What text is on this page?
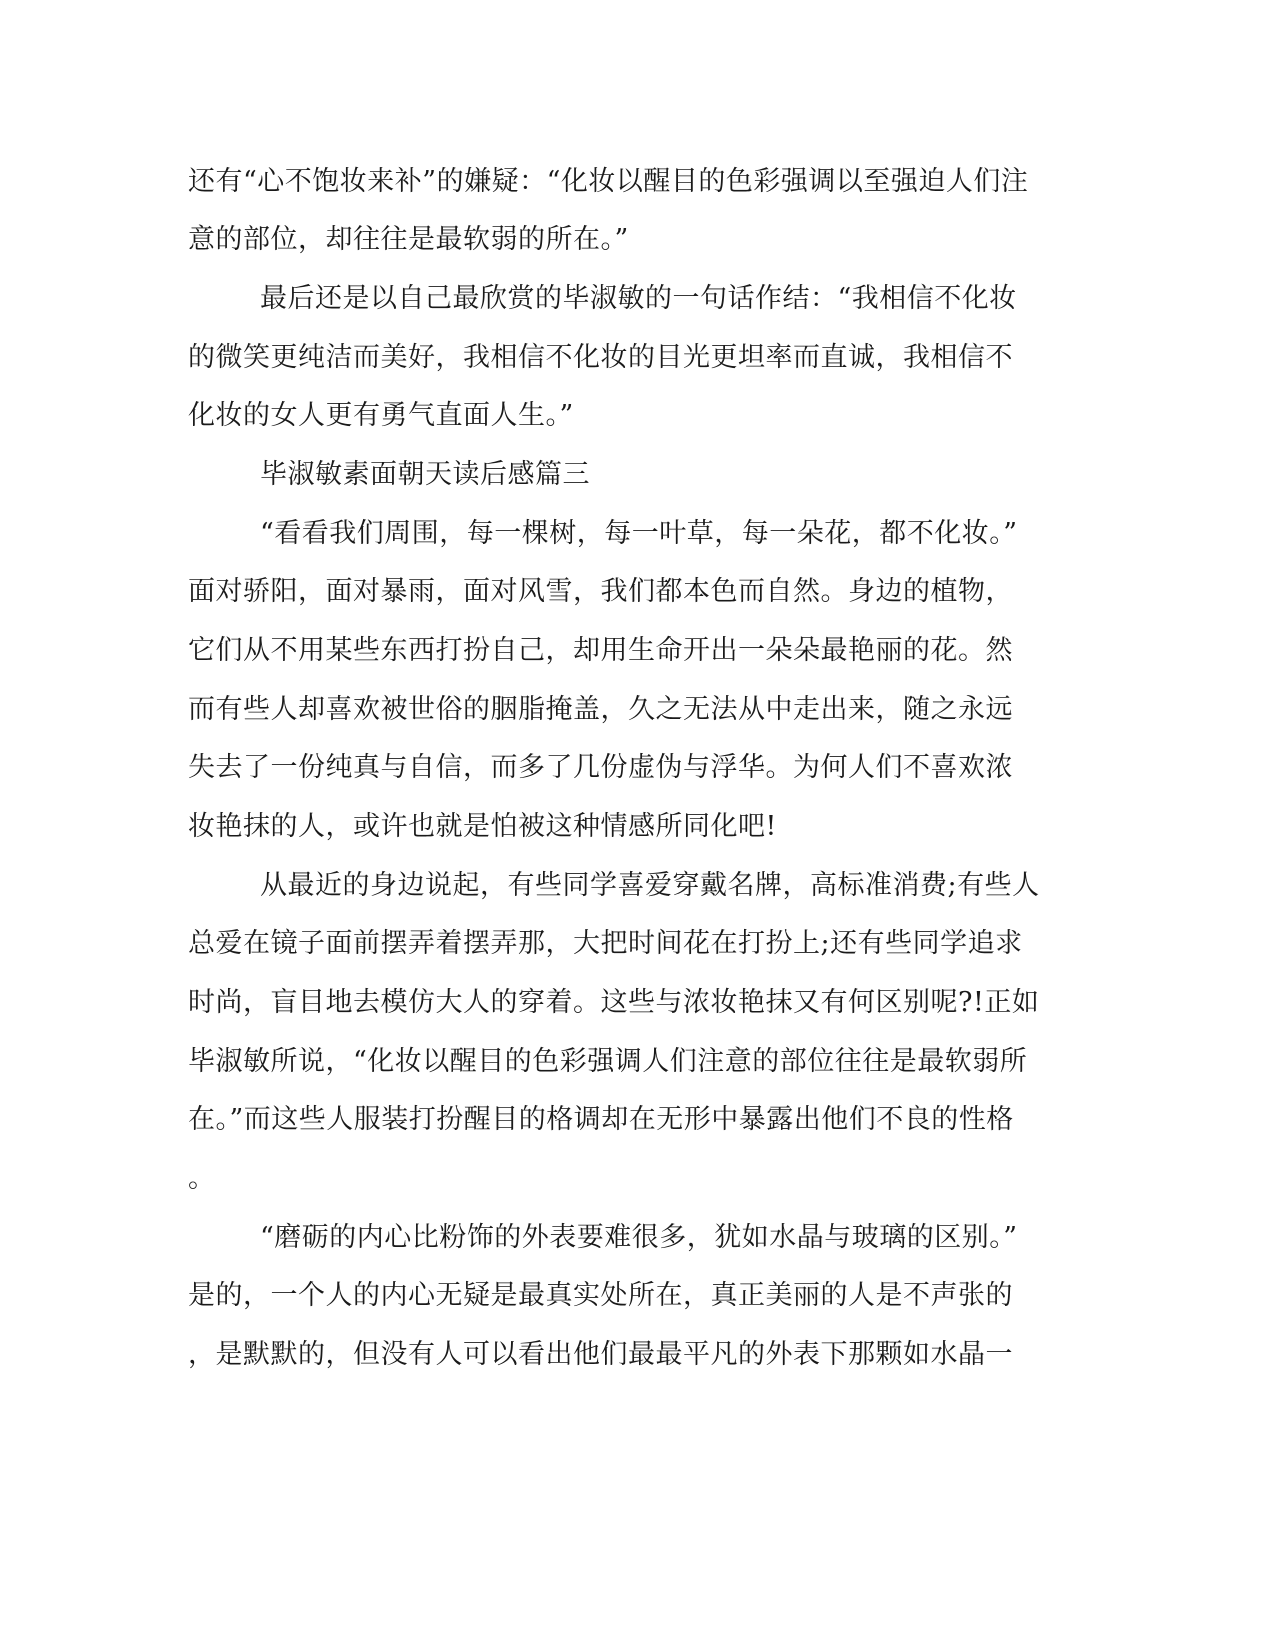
还有“心不饱妆来补”的嫌疑：“化妆以醒目的色彩强调以至强迫人们注
意的部位，却往往是最软弱的所在。”
最后还是以自己最欣赏的毕淑敏的一句话作结：“我相信不化妆
的微笑更纯洁而美好，我相信不化妆的目光更坦率而直诚，我相信不
化妆的女人更有勇气直面人生。”
毕淑敏素面朝天读后感篇三
“看看我们周围，每一棵树，每一叶草，每一朵花，都不化妆。”
面对骄阳，面对暴雨，面对风雪，我们都本色而自然。身边的植物，
它们从不用某些东西打扮自己，却用生命开出一朵朵最艳丽的花。然
而有些人却喜欢被世俗的胭脂掩盖，久之无法从中走出来，随之永远
失去了一份纯真与自信，而多了几份虚伪与浮华。为何人们不喜欢浓
妆艳抹的人，或许也就是怕被这种情感所同化吧!
从最近的身边说起，有些同学喜爱穿戴名牌，高标准消费;有些人
总爱在镜子面前摆弄着摆弄那，大把时间花在打扮上;还有些同学追求
时尚，盲目地去模仿大人的穿着。这些与浓妆艳抹又有何区别呢?!正如
毕淑敏所说，“化妆以醒目的色彩强调人们注意的部位往往是最软弱所
在。”而这些人服装打扮醒目的格调却在无形中暴露出他们不良的性格
。
“磨砺的内心比粉饰的外表要难很多，犹如水晶与玻璃的区别。”
是的，一个人的内心无疑是最真实处所在，真正美丽的人是不声张的
，是默默的，但没有人可以看出他们最最平凡的外表下那颗如水晶一
